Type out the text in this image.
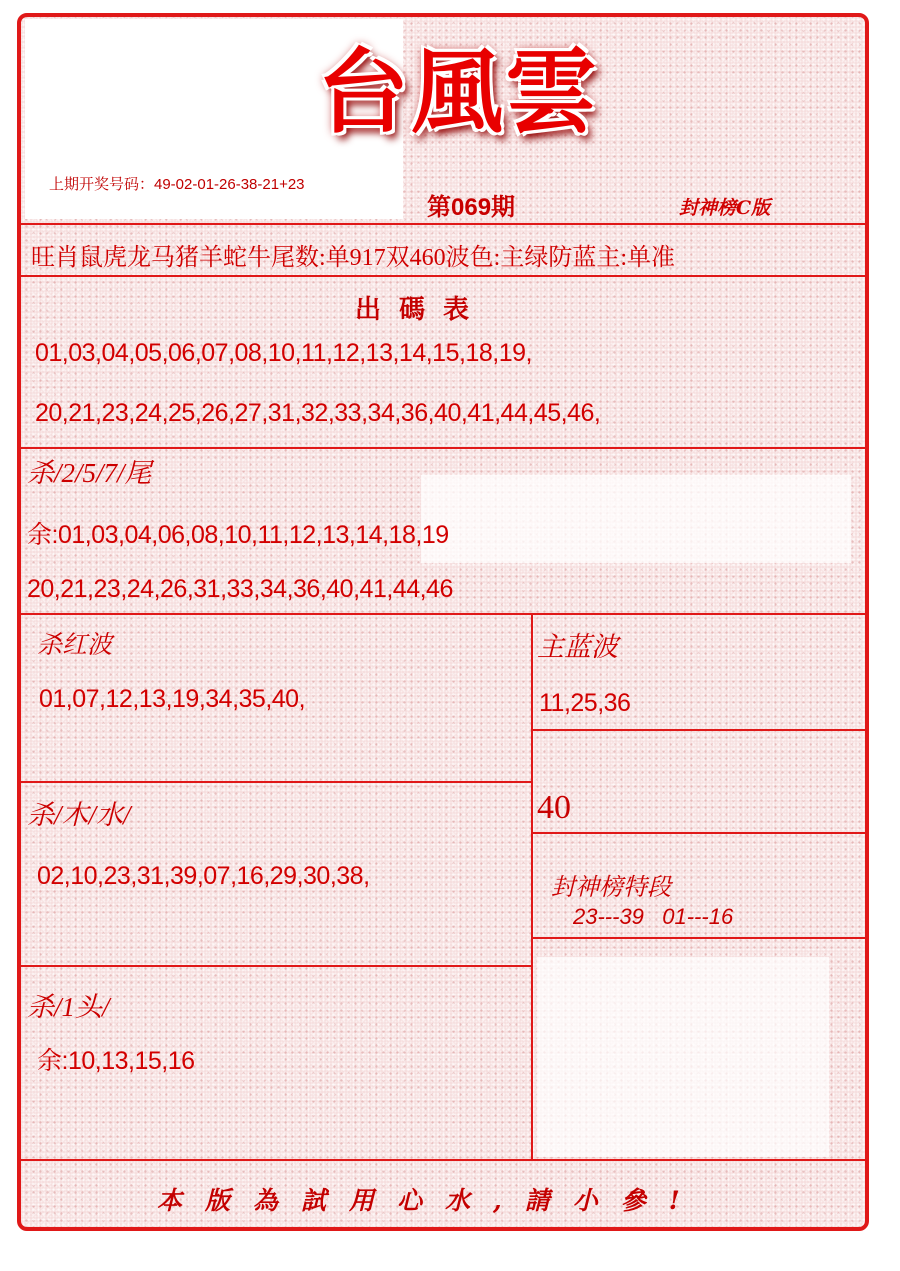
台風雲
封神榜C版
上期开奖号码：49-02-01-26-38-21+23
第069期
旺肖鼠虎龙马猪羊蛇牛尾数:单917双460波色:主绿防蓝主:单准
出碼表
01,03,04,05,06,07,08,10,11,12,13,14,15,18,19,
20,21,23,24,25,26,27,31,32,33,34,36,40,41,44,45,46,
杀/2/5/7/尾
余:01,03,04,06,08,10,11,12,13,14,18,19
20,21,23,24,26,31,33,34,36,40,41,44,46
杀红波
01,07,12,13,19,34,35,40,
主蓝波
11,25,36
杀/木/水/
02,10,23,31,39,07,16,29,30,38,
40
封神榜特段
23---39   01---16
杀/1头/
余:10,13,15,16
本版為試用心水,請小參!
